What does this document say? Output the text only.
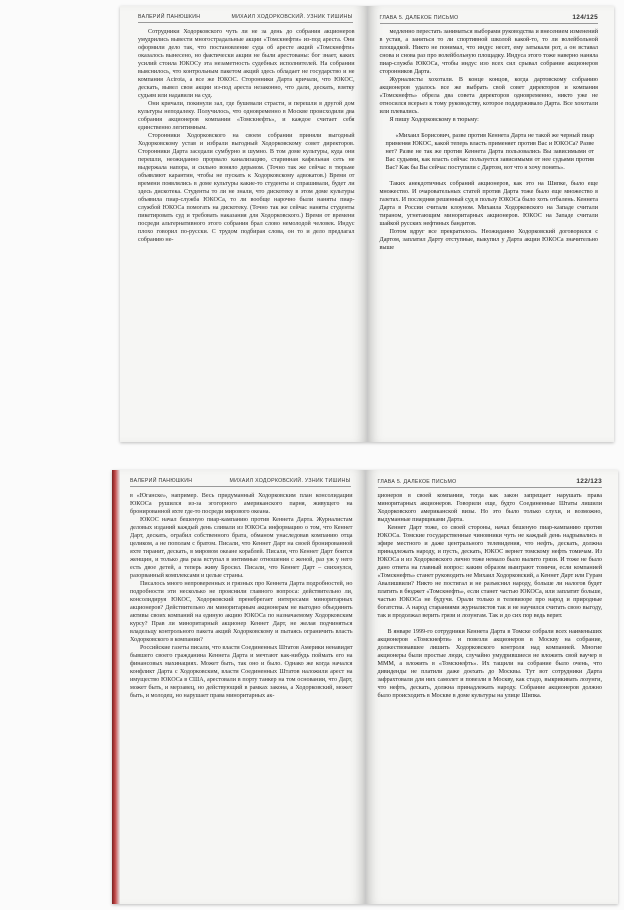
ВАЛЕРИЙ ПАНЮШКИН	МИХАИЛ ХОДОРКОВСКИЙ. УЗНИК ТИШИНЫ

Сотрудники Ходорковского чуть ли не за день до собрания акционеров умудрились вывести многострадальные акции «Томскнефти» из-под ареста. Они оформили дело так, что постановление суда об аресте акций «Томскнефти» оказалось вынесено, но фактически акции не были арестованы: бог знает, каких усилий стоила ЮКОСу эта незаметность судебных исполнителей. На собрании выяснилось, что контрольным пакетом акций здесь обладает не государство и не компания Acirotа, а все же ЮКОС. Сторонники Дарта кричали, что ЮКОС, дескать, вывел свои акции из-под ареста незаконно, что дали, дескать, взятку судьям или надавили на суд.

Они кричали, покинули зал, где бушевали страсти, и перешли в другой дом культуры неподалеку. Получилось, что одновременно в Москве происходили два собрания акционеров компании «Томскнефть», и каждое считает себя единственно легитимным.

Сторонники Ходорковского на своем собрании приняли выгодный Ходорковскому устав и избрали выгодный Ходорковскому совет директоров. Сторонники Дарта заседали сумбурно и шумно. В том доме культуры, куда они перешли, неожиданно прорвало канализацию, старинная кафельная сеть не выдержала напора, и сильно воняло дерьмом. (Точно так же сейчас в тюрьме объявляют карантин, чтобы не пускать к Ходорковскому адвокатов.) Время от времени появлялись в доме культуры какие-то студенты и спрашивали, будет ли здесь дискотека. Студенты то ли не знали, что дискотеку в этом доме культуры объявила пиар-служба ЮКОСа, то ли вообще нарочно были наняты пиар-службой ЮКОСа помогать на дискотеку. (Точно так же сейчас наняты студенты пикетировать суд и требовать наказания для Ходорковского.) Время от времени посреди альтернативного этого собрания брал слово немолодой человек. Индус плохо говорил по-русски. С трудом подбирая слова, он то и дело предлагал собранию не-

ГЛАВА 5. ДАЛЕКОЕ ПИСЬМО	124/125

медленно перестать заниматься выборами руководства и внесением изменений в устав, а заняться то ли спортивной школой какой-то, то ли волейбольной площадкой. Никто не понимал, что индус несет, ему затыкали рот, а он вставал снова и снова раз про волейбольную площадку. Индуса этого тоже наверно наняла пиар-служба ЮКОСа, чтобы индус изо всех сил срывал собрание акционеров сторонников Дарта.

Журналисты хохотали. В конце концов, когда дартовскому собранию акционеров удалось все же выбрать свой совет директоров и компания «Томскнефть» обрела два совета директоров одновременно, никто уже не относился всерьез к тому руководству, которое поддерживало Дарта. Все хохотали или плевались.

Я пишу Ходорковскому в тюрьму:

«Михаил Борисович, разве против Кеннета Дарта не такой же черный пиар применяя ЮКОС, какой теперь власть применяет против Вас и ЮКОСа? Разве нет? Разве не так же против Кеннета Дарта пользовались Вы зависимыми от Вас судьями, как власть сейчас пользуется зависимыми от нее судьями против Вас? Как бы Вы сейчас поступили с Дартом, вот что я хочу понять».

Таких анекдотичных собраний акционеров, как это на Шипке, было еще множество. И очаровательных статей против Дарта тоже было еще множество в газетах. И последняя решенный суд в пользу ЮКОСа было хоть отбалень. Кеннета Дарта в России считали клоуном. Михаила Ходорковского на Западе считали тираном, угнетающим миноритарных акционеров. ЮКОС на Западе считали шайкой русских нефтяных бандитов.

Потом вдруг все прекратилось. Неожиданно Ходорковский договорился с Дартом, заплатил Дарту отступные, выкупил у Дарта акции ЮКОСа значительно выше

ВАЛЕРИЙ ПАНЮШКИН	МИХАИЛ ХОДОРКОВСКИЙ. УЗНИК ТИШИНЫ

в «Юганске», например. Весь придуманный Ходорковским план консолидации ЮКОСа рушился из-за эгогорного американского парня, живущего на бронированной яхте где-то посреди мирового океана.

ЮКОС начал бешеную пиар-кампанию против Кеннета Дарта. Журналистам деловых изданий каждый день сливали из ЮКОСа информацию о том, что Кеннет Дарт, дескать, ограбил собственного брата, обманом унаследовав компанию отца целиком, а не пополам с братом. Писали, что Кеннет Дарт на своей бронированной яхте тиранит, дескать, в мировом океане кораблей. Писали, что Кеннет Дарт боится женщин, и только два раза вступал в интимные отношения с женой, раз уж у него есть двое детей, а теперь живу Бросил. Писали, что Кеннет Дарт – свихнулся, разорванный комплексами и целые страны.

Писалось много непроверенных и грязных про Кеннета Дарта подробностей, но подробности эти несколько не прояснили главного вопроса: действительно ли, консолидируя ЮКОС, Ходорковский пренебрегает интересами миноритарных акционеров? Действительно ли миноритарным акционерам не выгодно объединять активы своих компаний на единую акцию ЮКОСа по назначаемому Ходорковским курсу? Прав ли миноритарный акционер Кеннет Дарт, не желая подчиняться владельцу контрольного пакета акций Ходорковскому и пытаясь ограничить власть Ходорковского в компании?

Российские газеты писали, что власти Соединенных Штатов Америки ненавидят бывшего своего гражданина Кеннета Дарта и мечтают как-нибудь поймать его на финансовых махинациях. Может быть, так оно и было. Однако же когда начался конфликт Дарта с Ходорковским, власти Соединенных Штатов наложили арест на имущество ЮКОСа в США, арестовали в порту танкер на том основании, что Дарт, может быть, и мерзавец, но действующий в рамках закона, а Ходорковский, может быть, и молодец, но нарушает права миноритарных ак-

ГЛАВА 5. ДАЛЕКОЕ ПИСЬМО	122/123

ционеров в своей компании, тогда как закон запрещает нарушать права миноритарных акционеров. Говорили еще, будто Соединенные Штаты лишили Ходорковского американской визы. Но это было только слухи, и возможно, выдуманные пиарщиками Дарта.

Кеннет Дарт тоже, со своей стороны, начал бешеную пиар-кампанию против ЮКОСа. Томские государственные чиновники чуть не каждый день надрывались в эфире местного и даже центрального телевидения, что нефть, дескать, должна принадлежать народу, и пусть, дескать, ЮКОС вернет томскому нефть томичам. Из ЮКОСа и из Ходорковского лично тоже немало было вылито грязи. И тоже не было дано ответа на главный вопрос: каким образом выиграют томичи, если компанией «Томскнефть» станет руководить не Михаил Ходорковский, а Кеннет Дарт или Гурам Авалишвили? Никто не постигал и не разъяснил народу, больше ли налогов будет платить в бюджет «Томскнефть», если станет частью ЮКОСа, или заплатит больше, частью ЮКОСа не будучи. Орали только в телевизоре про народ и природные богатства. А народ стараниями журналистов так и не научился считать свою выгоду, так и продолжал верить грязи и лозунгам. Так и до сих пор ведь верит.

В январе 1999-го сотрудники Кеннета Дарта в Томске собрали всех наименьших акционеров «Томскнефти» и повезли акционеров в Москву на собрание, должествовавшее лишить Ходорковского контроля над компанией. Многие акционеры были простые люди, случайно умудрившиеся не вложить свой ваучер в МММ, а вложить в «Томскнефть». Их тащили на собрание было очень, что дивиденды не платили даже доехать до Москвы. Тут вот сотрудники Дарта зафрахтовали для них самолет и повезли в Москву, как стадо, выкрикивать лозунги, что нефть, дескать, должна принадлежать народу. Собрание акционеров должно было происходить в Москве в доме культуры на улице Шипка.
